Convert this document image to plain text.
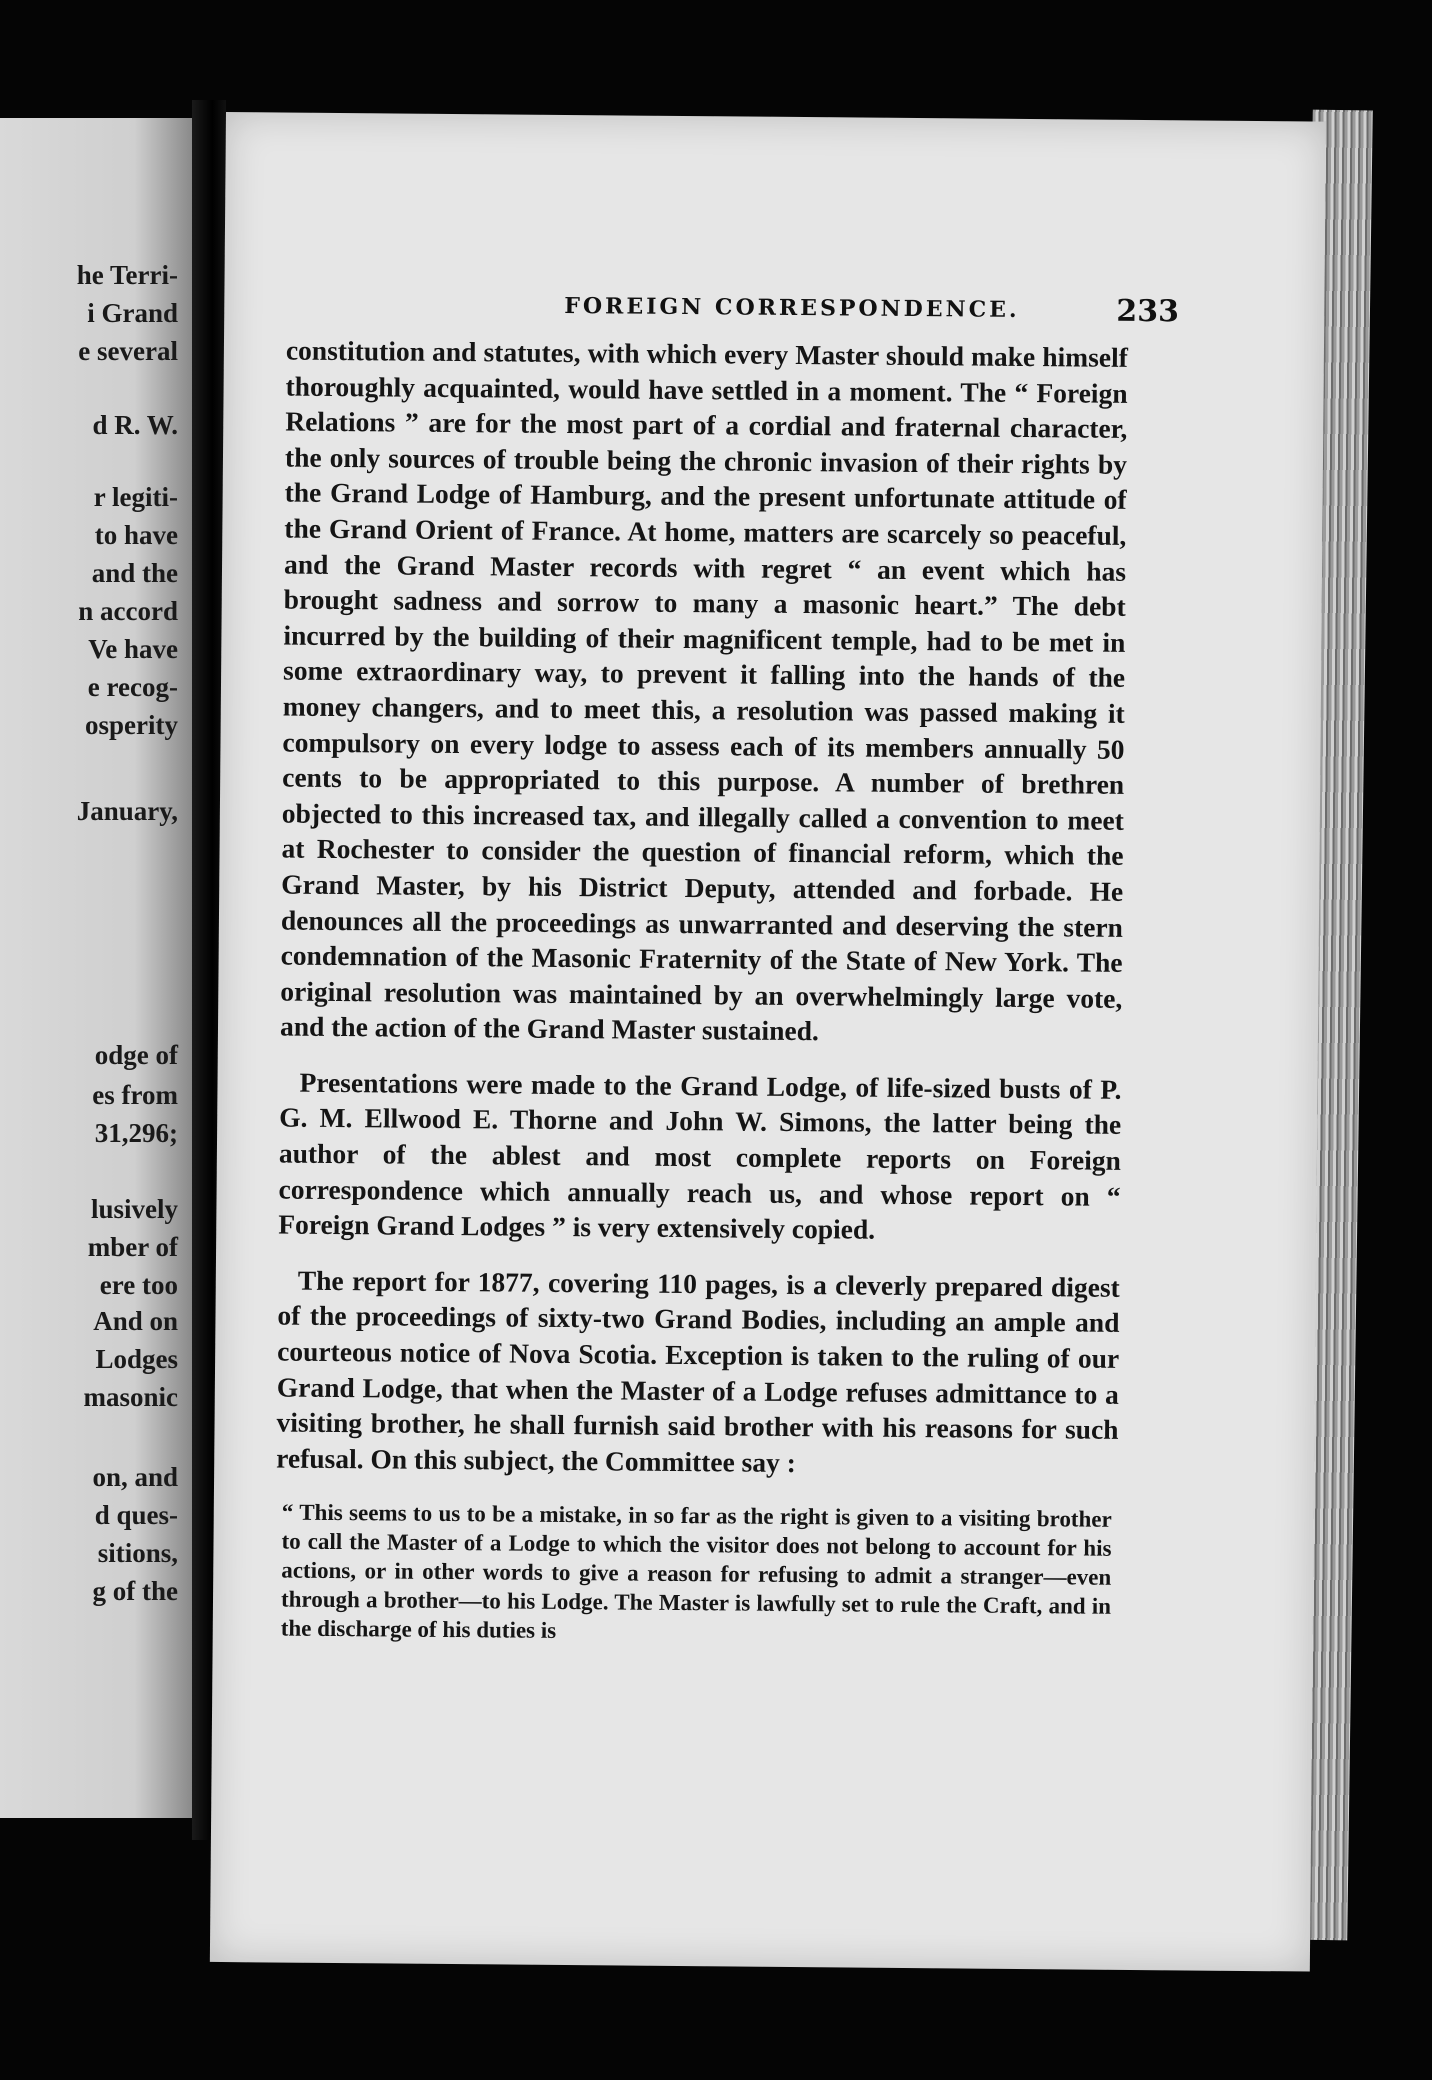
he Terri-
i Grand
e several
d R. W.
r legiti-
to have
and the
n accord
Ve have
e recog-
osperity
January,
odge of
es from
31,296;
lusively
mber of
ere too
And on
Lodges
masonic
on, and
d ques-
sitions,
g of the
FOREIGN CORRESPONDENCE.	233

constitution and statutes, with which every Master should make himself thoroughly acquainted, would have settled in a moment. The “ Foreign Relations ” are for the most part of a cordial and fraternal character, the only sources of trouble being the chronic invasion of their rights by the Grand Lodge of Hamburg, and the present unfortunate attitude of the Grand Orient of France. At home, matters are scarcely so peaceful, and the Grand Master records with regret “ an event which has brought sadness and sorrow to many a masonic heart.” The debt incurred by the building of their magnificent temple, had to be met in some extraordinary way, to prevent it falling into the hands of the money changers, and to meet this, a resolution was passed making it compulsory on every lodge to assess each of its members annually 50 cents to be appropriated to this purpose. A number of brethren objected to this increased tax, and illegally called a convention to meet at Rochester to consider the question of financial reform, which the Grand Master, by his District Deputy, attended and forbade. He denounces all the proceedings as unwarranted and deserving the stern condemnation of the Masonic Fraternity of the State of New York. The original resolution was maintained by an overwhelmingly large vote, and the action of the Grand Master sustained.

Presentations were made to the Grand Lodge, of life-sized busts of P. G. M. Ellwood E. Thorne and John W. Simons, the latter being the author of the ablest and most complete reports on Foreign correspondence which annually reach us, and whose report on “ Foreign Grand Lodges ” is very extensively copied.

The report for 1877, covering 110 pages, is a cleverly prepared digest of the proceedings of sixty-two Grand Bodies, including an ample and courteous notice of Nova Scotia. Exception is taken to the ruling of our Grand Lodge, that when the Master of a Lodge refuses admittance to a visiting brother, he shall furnish said brother with his reasons for such refusal. On this subject, the Committee say :

“ This seems to us to be a mistake, in so far as the right is given to a visiting brother to call the Master of a Lodge to which the visitor does not belong to account for his actions, or in other words to give a reason for refusing to admit a stranger—even through a brother—to his Lodge. The Master is lawfully set to rule the Craft, and in the discharge of his duties is
